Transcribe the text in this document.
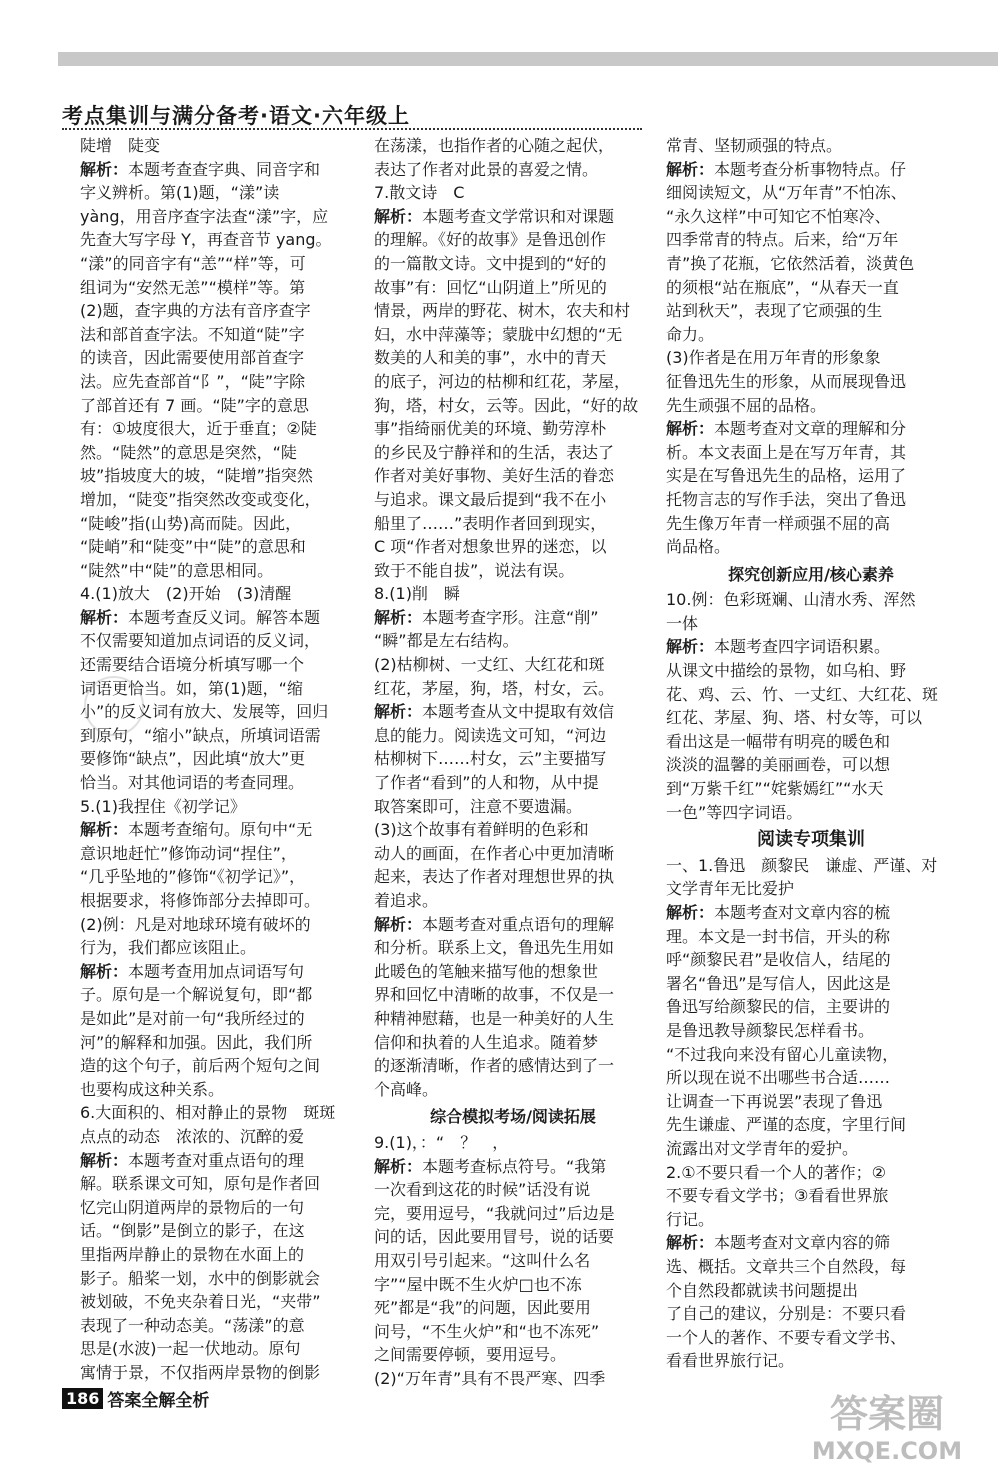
考点集训与满分备考·语文·六年级上

陡增　陡变

解析：本题考查查字典、同音字和

字义辨析。第(1)题，“漾”读

yàng，用音序查字法查“漾”字，应

先查大写字母 Y，再查音节 yang。

“漾”的同音字有“恙”“样”等，可

组词为“安然无恙”“模样”等。第

(2)题，查字典的方法有音序查字

法和部首查字法。不知道“陡”字

的读音，因此需要使用部首查字

法。应先查部首“阝”，“陡”字除

了部首还有 7 画。“陡”字的意思

有：①坡度很大，近于垂直；②陡

然。“陡然”的意思是突然，“陡

坡”指坡度大的坡，“陡增”指突然

增加，“陡变”指突然改变或变化，

“陡峻”指(山势)高而陡。因此，

“陡峭”和“陡变”中“陡”的意思和

“陡然”中“陡”的意思相同。

4.(1)放大　(2)开始　(3)清醒

解析：本题考查反义词。解答本题

不仅需要知道加点词语的反义词，

还需要结合语境分析填写哪一个

词语更恰当。如，第(1)题，“缩

小”的反义词有放大、发展等，回归

到原句，“缩小”缺点，所填词语需

要修饰“缺点”，因此填“放大”更

恰当。对其他词语的考查同理。

5.(1)我捏住《初学记》

解析：本题考查缩句。原句中“无

意识地赶忙”修饰动词“捏住”，

“几乎坠地的”修饰“《初学记》”，

根据要求，将修饰部分去掉即可。

(2)例：凡是对地球环境有破坏的

行为，我们都应该阻止。

解析：本题考查用加点词语写句

子。原句是一个解说复句，即“都

是如此”是对前一句“我所经过的

河”的解释和加强。因此，我们所

造的这个句子，前后两个短句之间

也要构成这种关系。

6.大面积的、相对静止的景物　斑斑

点点的动态　浓浓的、沉醉的爱

解析：本题考查对重点语句的理

解。联系课文可知，原句是作者回

忆完山阴道两岸的景物后的一句

话。“倒影”是倒立的影子，在这

里指两岸静止的景物在水面上的

影子。船桨一划，水中的倒影就会

被划破，不免夹杂着日光，“夹带”

表现了一种动态美。“荡漾”的意

思是(水波)一起一伏地动。原句

寓情于景，不仅指两岸景物的倒影

在荡漾，也指作者的心随之起伏，

表达了作者对此景的喜爱之情。

7.散文诗　C

解析：本题考查文学常识和对课题

的理解。《好的故事》是鲁迅创作

的一篇散文诗。文中提到的“好的

故事”有：回忆“山阴道上”所见的

情景，两岸的野花、树木，农夫和村

妇，水中萍藻等；蒙胧中幻想的“无

数美的人和美的事”，水中的青天

的底子，河边的枯柳和红花，茅屋，

狗，塔，村女，云等。因此，“好的故

事”指绮丽优美的环境、勤劳淳朴

的乡民及宁静祥和的生活，表达了

作者对美好事物、美好生活的眷恋

与追求。课文最后提到“我不在小

船里了……”表明作者回到现实，

C 项“作者对想象世界的迷恋，以

致于不能自拔”，说法有误。

8.(1)削　瞬

解析：本题考查字形。注意“削”

“瞬”都是左右结构。

(2)枯柳树、一丈红、大红花和斑

红花，茅屋，狗，塔，村女，云。

解析：本题考查从文中提取有效信

息的能力。阅读选文可知，“河边

枯柳树下……村女，云”主要描写

了作者“看到”的人和物，从中提

取答案即可，注意不要遗漏。

(3)这个故事有着鲜明的色彩和

动人的画面，在作者心中更加清晰

起来，表达了作者对理想世界的执

着追求。

解析：本题考查对重点语句的理解

和分析。联系上文，鲁迅先生用如

此暖色的笔触来描写他的想象世

界和回忆中清晰的故事，不仅是一

种精神慰藉，也是一种美好的人生

信仰和执着的人生追求。随着梦

的逐渐清晰，作者的感情达到了一

个高峰。

综合模拟考场/阅读拓展

9.(1)，：“　？　，

解析：本题考查标点符号。“我第

一次看到这花的时候”话没有说

完，要用逗号，“我就问过”后边是

问的话，因此要用冒号，说的话要

用双引号引起来。“这叫什么名

字”“屋中既不生火炉□也不冻

死”都是“我”的问题，因此要用

问号，“不生火炉”和“也不冻死”

之间需要停顿，要用逗号。

(2)“万年青”具有不畏严寒、四季

常青、坚韧顽强的特点。

解析：本题考查分析事物特点。仔

细阅读短文，从“万年青”不怕冻、

“永久这样”中可知它不怕寒冷、

四季常青的特点。后来，给“万年

青”换了花瓶，它依然活着，淡黄色

的须根“站在瓶底”，“从春天一直

站到秋天”，表现了它顽强的生

命力。

(3)作者是在用万年青的形象象

征鲁迅先生的形象，从而展现鲁迅

先生顽强不屈的品格。

解析：本题考查对文章的理解和分

析。本文表面上是在写万年青，其

实是在写鲁迅先生的品格，运用了

托物言志的写作手法，突出了鲁迅

先生像万年青一样顽强不屈的高

尚品格。

探究创新应用/核心素养

10.例：色彩斑斓、山清水秀、浑然

一体

解析：本题考查四字词语积累。

从课文中描绘的景物，如乌桕、野

花、鸡、云、竹、一丈红、大红花、斑

红花、茅屋、狗、塔、村女等，可以

看出这是一幅带有明亮的暖色和

淡淡的温馨的美丽画卷，可以想

到“万紫千红”“姹紫嫣红”“水天

一色”等四字词语。

阅读专项集训

一、1.鲁迅　颜黎民　谦虚、严谨、对

文学青年无比爱护

解析：本题考查对文章内容的梳

理。本文是一封书信，开头的称

呼“颜黎民君”是收信人，结尾的

署名“鲁迅”是写信人，因此这是

鲁迅写给颜黎民的信，主要讲的

是鲁迅教导颜黎民怎样看书。

“不过我向来没有留心儿童读物，

所以现在说不出哪些书合适……

让调查一下再说罢”表现了鲁迅

先生谦虚、严谨的态度，字里行间

流露出对文学青年的爱护。

2.①不要只看一个人的著作；②

不要专看文学书；③看看世界旅

行记。

解析：本题考查对文章内容的筛

选、概括。文章共三个自然段，每

个自然段都就读书问题提出

了自己的建议，分别是：不要只看

一个人的著作、不要专看文学书、

看看世界旅行记。

186 答案全解全析	答案圈
MXQE.COM
